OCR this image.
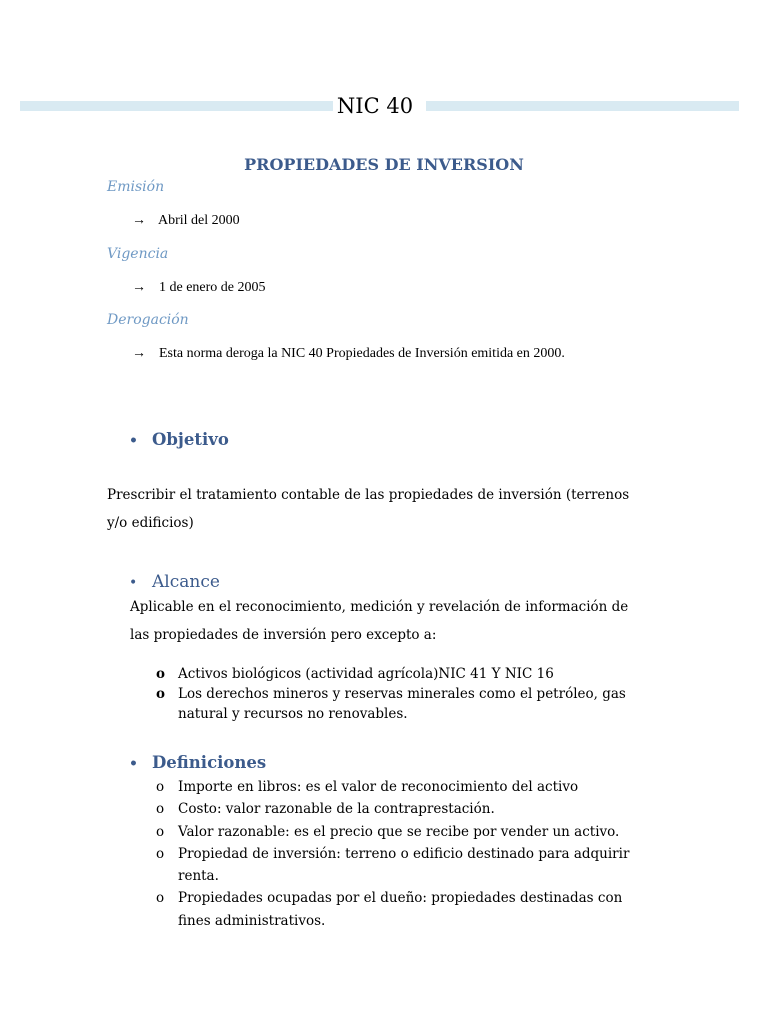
NIC 40
PROPIEDADES DE INVERSION
Emisión
→ Abril del 2000
Vigencia
→ 1 de enero de 2005
Derogación
→ Esta norma deroga la NIC 40 Propiedades de Inversión emitida en 2000.
• Objetivo
Prescribir el tratamiento contable de las propiedades de inversión (terrenos y/o edificios)
• Alcance
Aplicable en el reconocimiento, medición y revelación de información de las propiedades de inversión pero excepto a:
o Activos biológicos (actividad agrícola)NIC 41 Y NIC 16
o Los derechos mineros y reservas minerales como el petróleo, gas natural y recursos no renovables.
• Definiciones
o Importe en libros: es el valor de reconocimiento del activo
o Costo: valor razonable de la contraprestación.
o Valor razonable: es el precio que se recibe por vender un activo.
o Propiedad de inversión: terreno o edificio destinado para adquirir renta.
o Propiedades ocupadas por el dueño: propiedades destinadas con fines administrativos.
